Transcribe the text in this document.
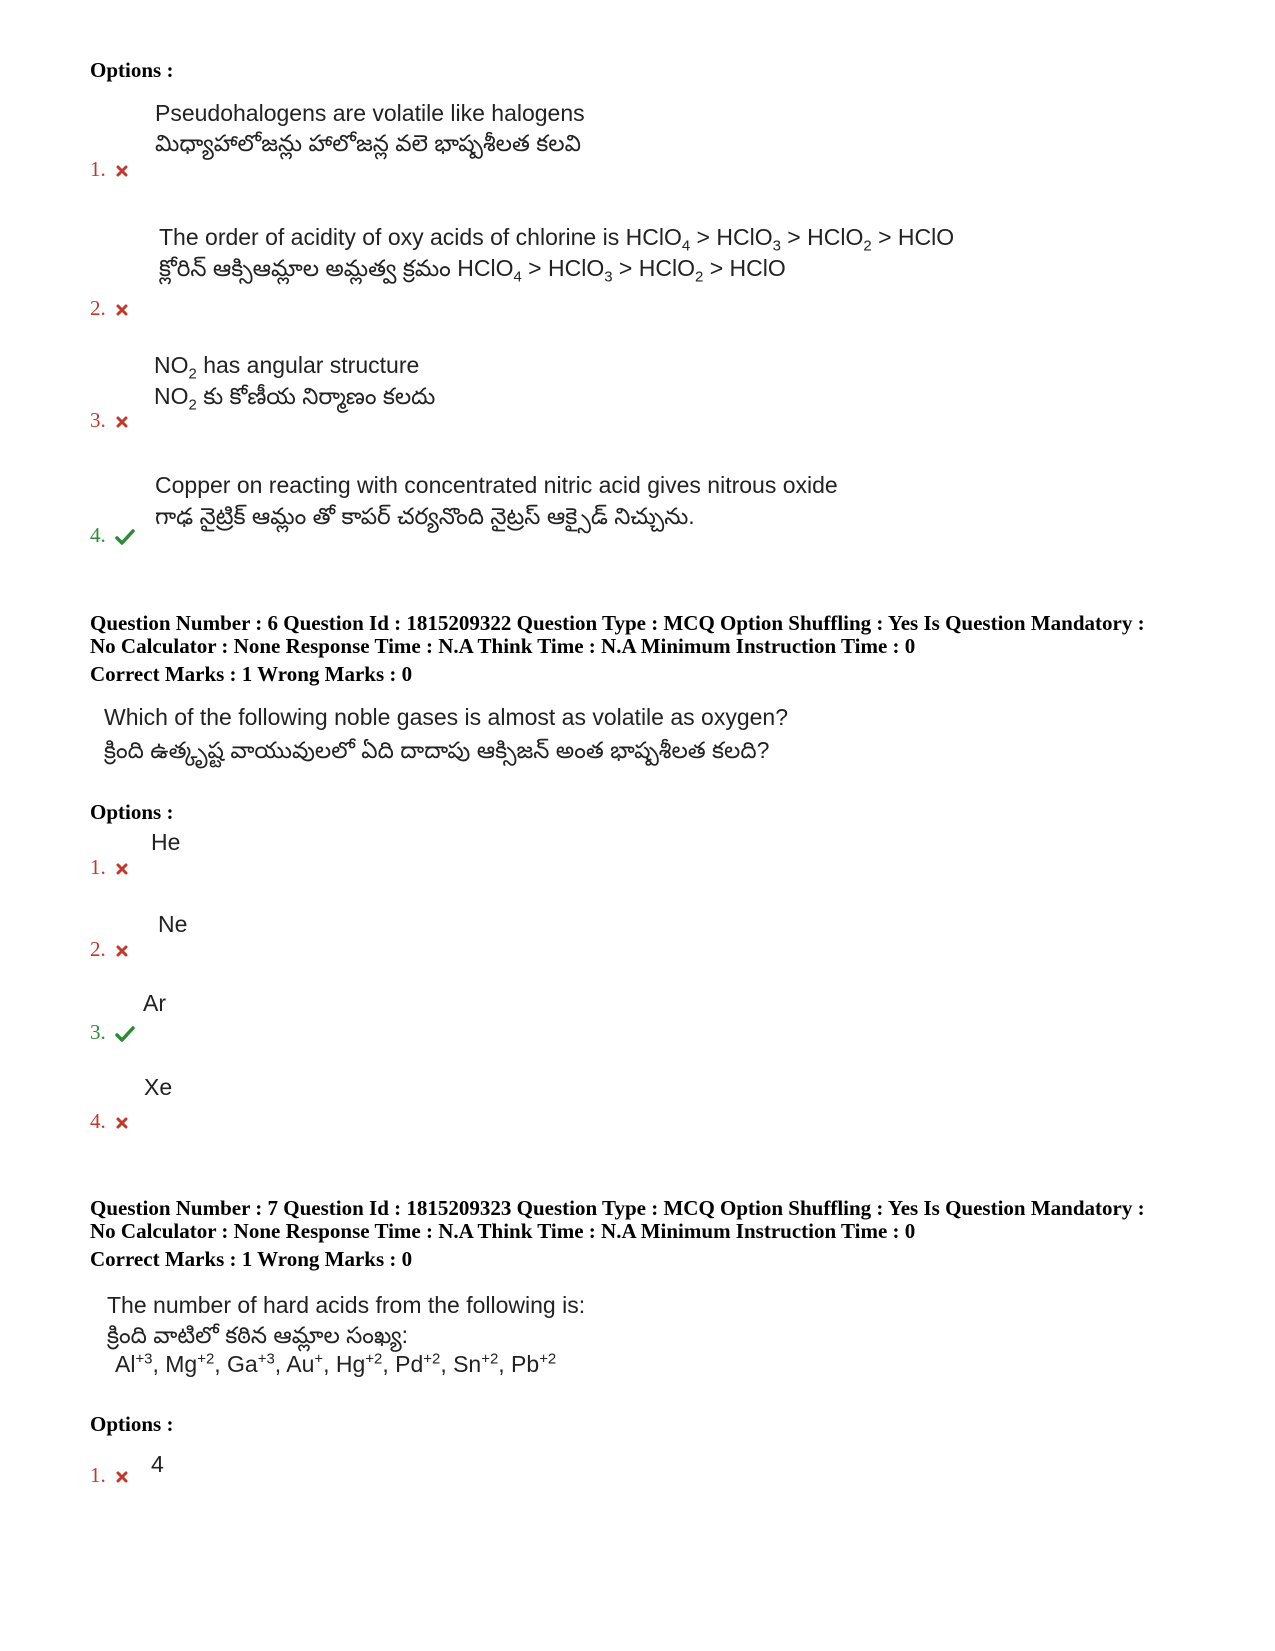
Options :
Pseudohalogens are volatile like halogens
మిధ్యాహాలోజన్లు హాలోజన్ల వలె భాష్పశీలత కలవి
1.
The order of acidity of oxy acids of chlorine is HClO$_4$ > HClO$_3$ > HClO$_2$ > HClO
క్లోరిన్ ఆక్సిఆమ్లాల అమ్లత్వ క్రమం HClO$_4$ > HClO$_3$ > HClO$_2$ > HClO
2.
$NO_2$ has angular structure
$NO_2$ కు కోణీయ నిర్మాణం కలదు
3.
Copper on reacting with concentrated nitric acid gives nitrous oxide
గాఢ నైట్రిక్ ఆమ్లం తో కాపర్ చర్యనొంది నైట్రస్ ఆక్సైడ్ నిచ్చును.
4.
Question Number : 6 Question Id : 1815209322 Question Type : MCQ Option Shuffling : Yes Is Question Mandatory :
No Calculator : None Response Time : N.A Think Time : N.A Minimum Instruction Time : 0
Correct Marks : 1 Wrong Marks : 0
Which of the following noble gases is almost as volatile as oxygen?
క్రింది ఉత్కృష్ట వాయువులలో ఏది దాదాపు ఆక్సిజన్ అంత భాష్పశీలత కలది?
Options :
He
1.
Ne
2.
Ar
3.
Xe
4.
Question Number : 7 Question Id : 1815209323 Question Type : MCQ Option Shuffling : Yes Is Question Mandatory :
No Calculator : None Response Time : N.A Think Time : N.A Minimum Instruction Time : 0
Correct Marks : 1 Wrong Marks : 0
The number of hard acids from the following is:
క్రింది వాటిలో కఠిన ఆమ్లాల సంఖ్య:
$Al^{+3}$, $Mg^{+2}$, $Ga^{+3}$, Au+, $Hg^{+2}$, $Pd^{+2}$, $Sn^{+2}$, $Pb^{+2}$
Options :
4
1.
